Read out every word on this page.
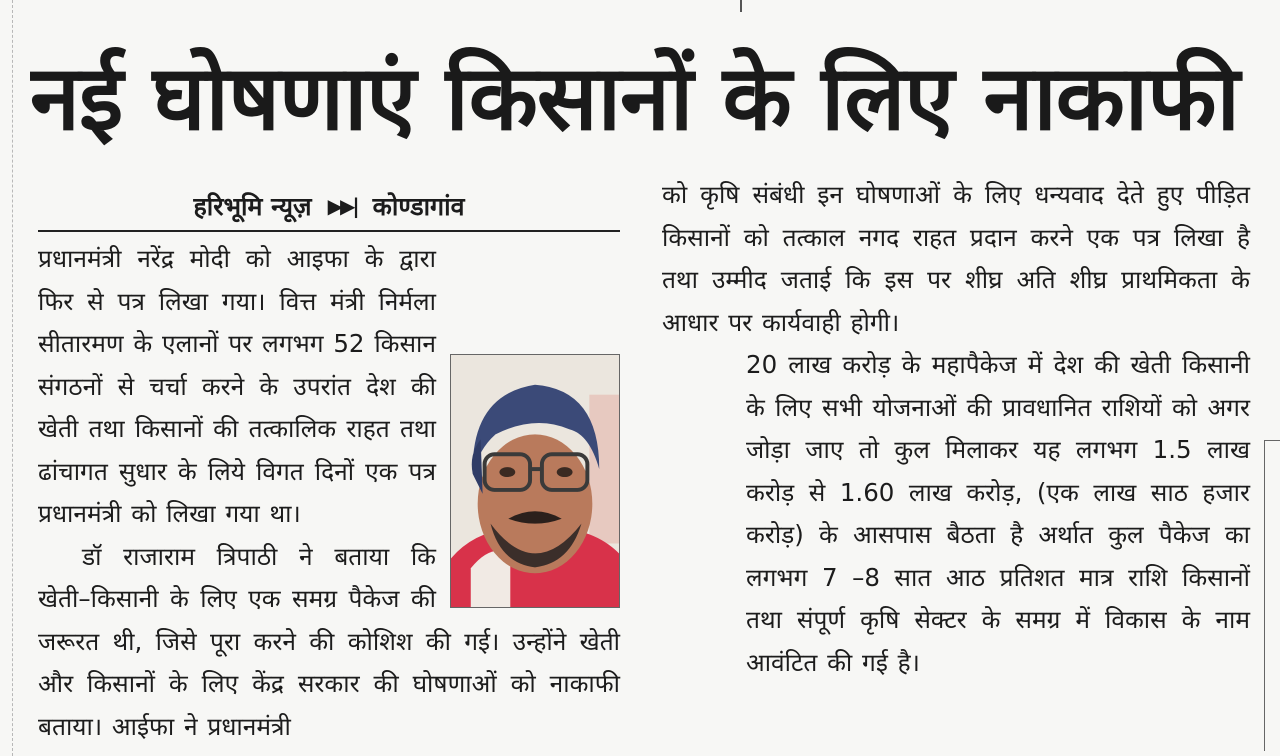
नई घोषणाएं किसानों के लिए नाकाफी
हरिभूमि न्यूज़ ▶▶| कोण्डागांव

प्रधानमंत्री नरेंद्र मोदी को आइफा के द्वारा फिर से पत्र लिखा गया। वित्त मंत्री निर्मला सीतारमण के एलानों पर लगभग 52 किसान संगठनों से चर्चा करने के उपरांत देश की खेती तथा किसानों की तत्कालिक राहत तथा ढांचागत सुधार के लिये विगत दिनों एक पत्र प्रधानमंत्री को लिखा गया था।

डॉ राजाराम त्रिपाठी ने बताया कि खेती–किसानी के लिए एक समग्र पैकेज की जरूरत थी, जिसे पूरा करने की कोशिश की गई। उन्होंने खेती और किसानों के लिए केंद्र सरकार की घोषणाओं को नाकाफी बताया। आईफा ने प्रधानमंत्री

को कृषि संबंधी इन घोषणाओं के लिए धन्यवाद देते हुए पीड़ित किसानों को तत्काल नगद राहत प्रदान करने एक पत्र लिखा है तथा उम्मीद जताई कि इस पर शीघ्र अति शीघ्र प्राथमिकता के आधार पर कार्यवाही होगी।

20 लाख करोड़ के महापैकेज में देश की खेती किसानी के लिए सभी योजनाओं की प्रावधानित राशियों को अगर जोड़ा जाए तो कुल मिलाकर यह लगभग 1.5 लाख करोड़ से 1.60 लाख करोड़, (एक लाख साठ हजार करोड़) के आसपास बैठता है अर्थात कुल पैकेज का लगभग 7 –8 सात आठ प्रतिशत मात्र राशि किसानों तथा संपूर्ण कृषि सेक्टर के समग्र में विकास के नाम आवंटित की गई है।
